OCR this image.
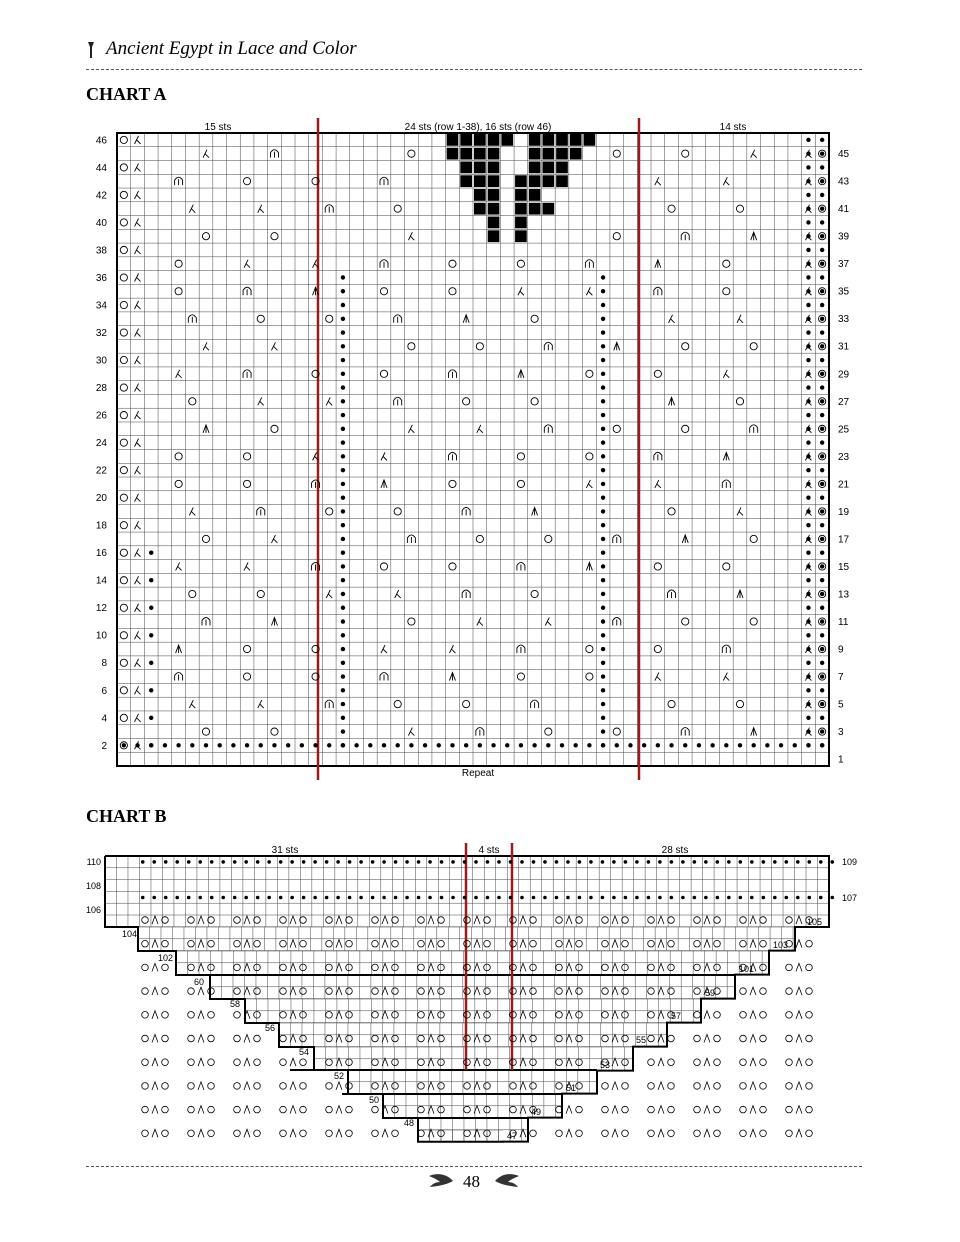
Ancient Egypt in Lace and Color
CHART A
CHART B
15 sts	24 sts (row 1-38), 16 sts (row 46)	14 sts
Repeat
46
44
42
40
38
36
34
32
30
28
26
24
22
20
18
16
14
12
10
8
6
4
2
45
43
41
39
37
35
33
31
29
27
25
23
21
19
17
15
13
11
9
7
5
3
1
31 sts	4 sts	28 sts
110
108
106
104
102
60
58
56
54
52
50
48
109
107
105
103
101
59
57
55
53
51
49
47
48
